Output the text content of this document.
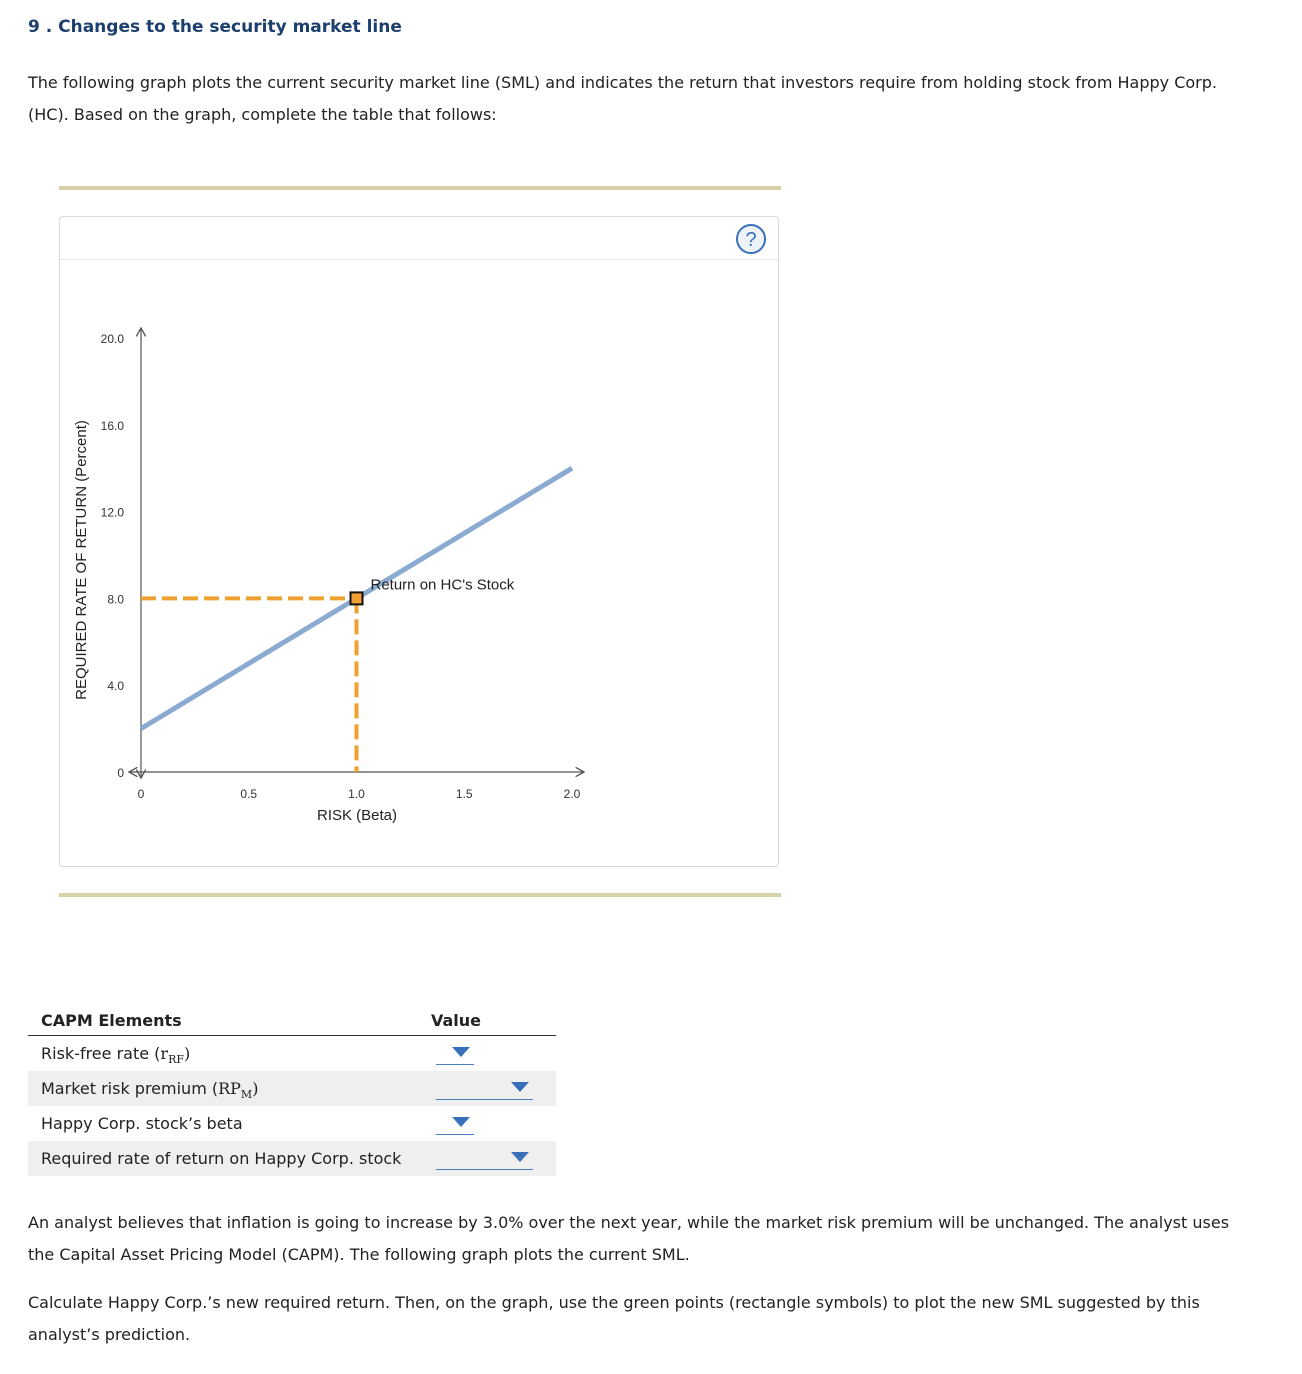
9 . Changes to the security market line
The following graph plots the current security market line (SML) and indicates the return that investors require from holding stock from Happy Corp.
(HC). Based on the graph, complete the table that follows:
?
0	0.5	1.0	1.5	2.0
0
4.0
8.0
12.0
16.0
20.0
Return on HC's Stock
RISK (Beta)
REQUIRED RATE OF RETURN (Percent)
CAPM Elements	Value
Risk-free rate $(r_{RF})$
Market risk premium $(RP_M)$
Happy Corp. stock’s beta
Required rate of return on Happy Corp. stock
An analyst believes that inflation is going to increase by 3.0% over the next year, while the market risk premium will be unchanged. The analyst uses
the Capital Asset Pricing Model (CAPM). The following graph plots the current SML.
Calculate Happy Corp.’s new required return. Then, on the graph, use the green points (rectangle symbols) to plot the new SML suggested by this
analyst’s prediction.
